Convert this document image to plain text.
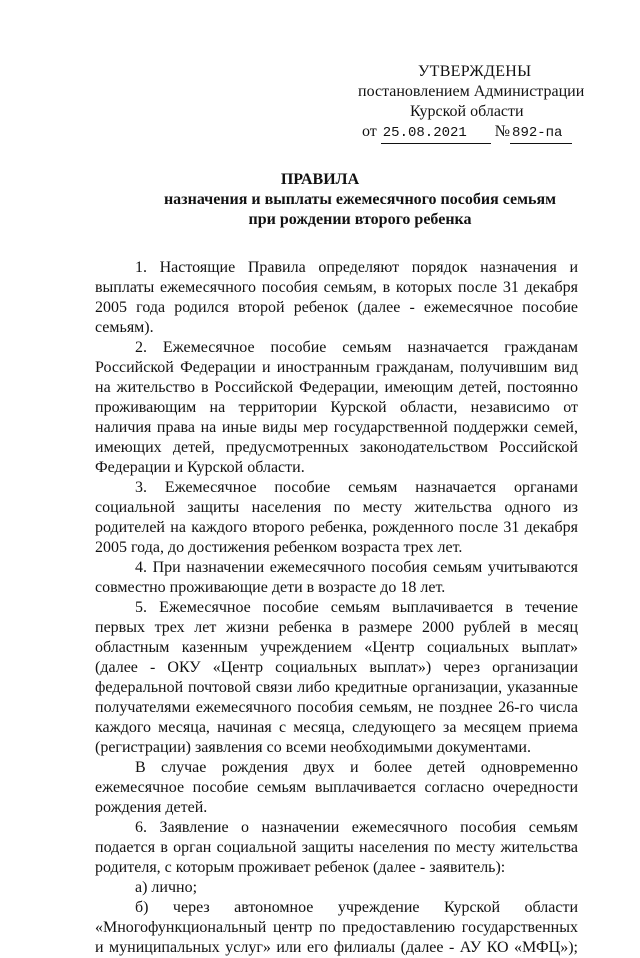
УТВЕРЖДЕНЫ
постановлением Администрации
Курской области
от 25.08.2021 № 892-па
ПРАВИЛА
назначения и выплаты ежемесячного пособия семьям при рождении второго ребенка

1. Настоящие Правила определяют порядок назначения и выплаты ежемесячного пособия семьям, в которых после 31 декабря 2005 года родился второй ребенок (далее - ежемесячное пособие семьям).

2. Ежемесячное пособие семьям назначается гражданам Российской Федерации и иностранным гражданам, получившим вид на жительство в Российской Федерации, имеющим детей, постоянно проживающим на территории Курской области, независимо от наличия права на иные виды мер государственной поддержки семей, имеющих детей, предусмотренных законодательством Российской Федерации и Курской области.

3. Ежемесячное пособие семьям назначается органами социальной защиты населения по месту жительства одного из родителей на каждого второго ребенка, рожденного после 31 декабря 2005 года, до достижения ребенком возраста трех лет.

4. При назначении ежемесячного пособия семьям учитываются совместно проживающие дети в возрасте до 18 лет.

5. Ежемесячное пособие семьям выплачивается в течение первых трех лет жизни ребенка в размере 2000 рублей в месяц областным казенным учреждением «Центр социальных выплат» (далее - ОКУ «Центр социальных выплат») через организации федеральной почтовой связи либо кредитные организации, указанные получателями ежемесячного пособия семьям, не позднее 26-го числа каждого месяца, начиная с месяца, следующего за месяцем приема (регистрации) заявления со всеми необходимыми документами.

В случае рождения двух и более детей одновременно ежемесячное пособие семьям выплачивается согласно очередности рождения детей.

6. Заявление о назначении ежемесячного пособия семьям подается в орган социальной защиты населения по месту жительства родителя, с которым проживает ребенок (далее - заявитель):

а) лично;

б) через автономное учреждение Курской области «Многофункциональный центр по предоставлению государственных и муниципальных услуг» или его филиалы (далее - АУ КО «МФЦ»);
